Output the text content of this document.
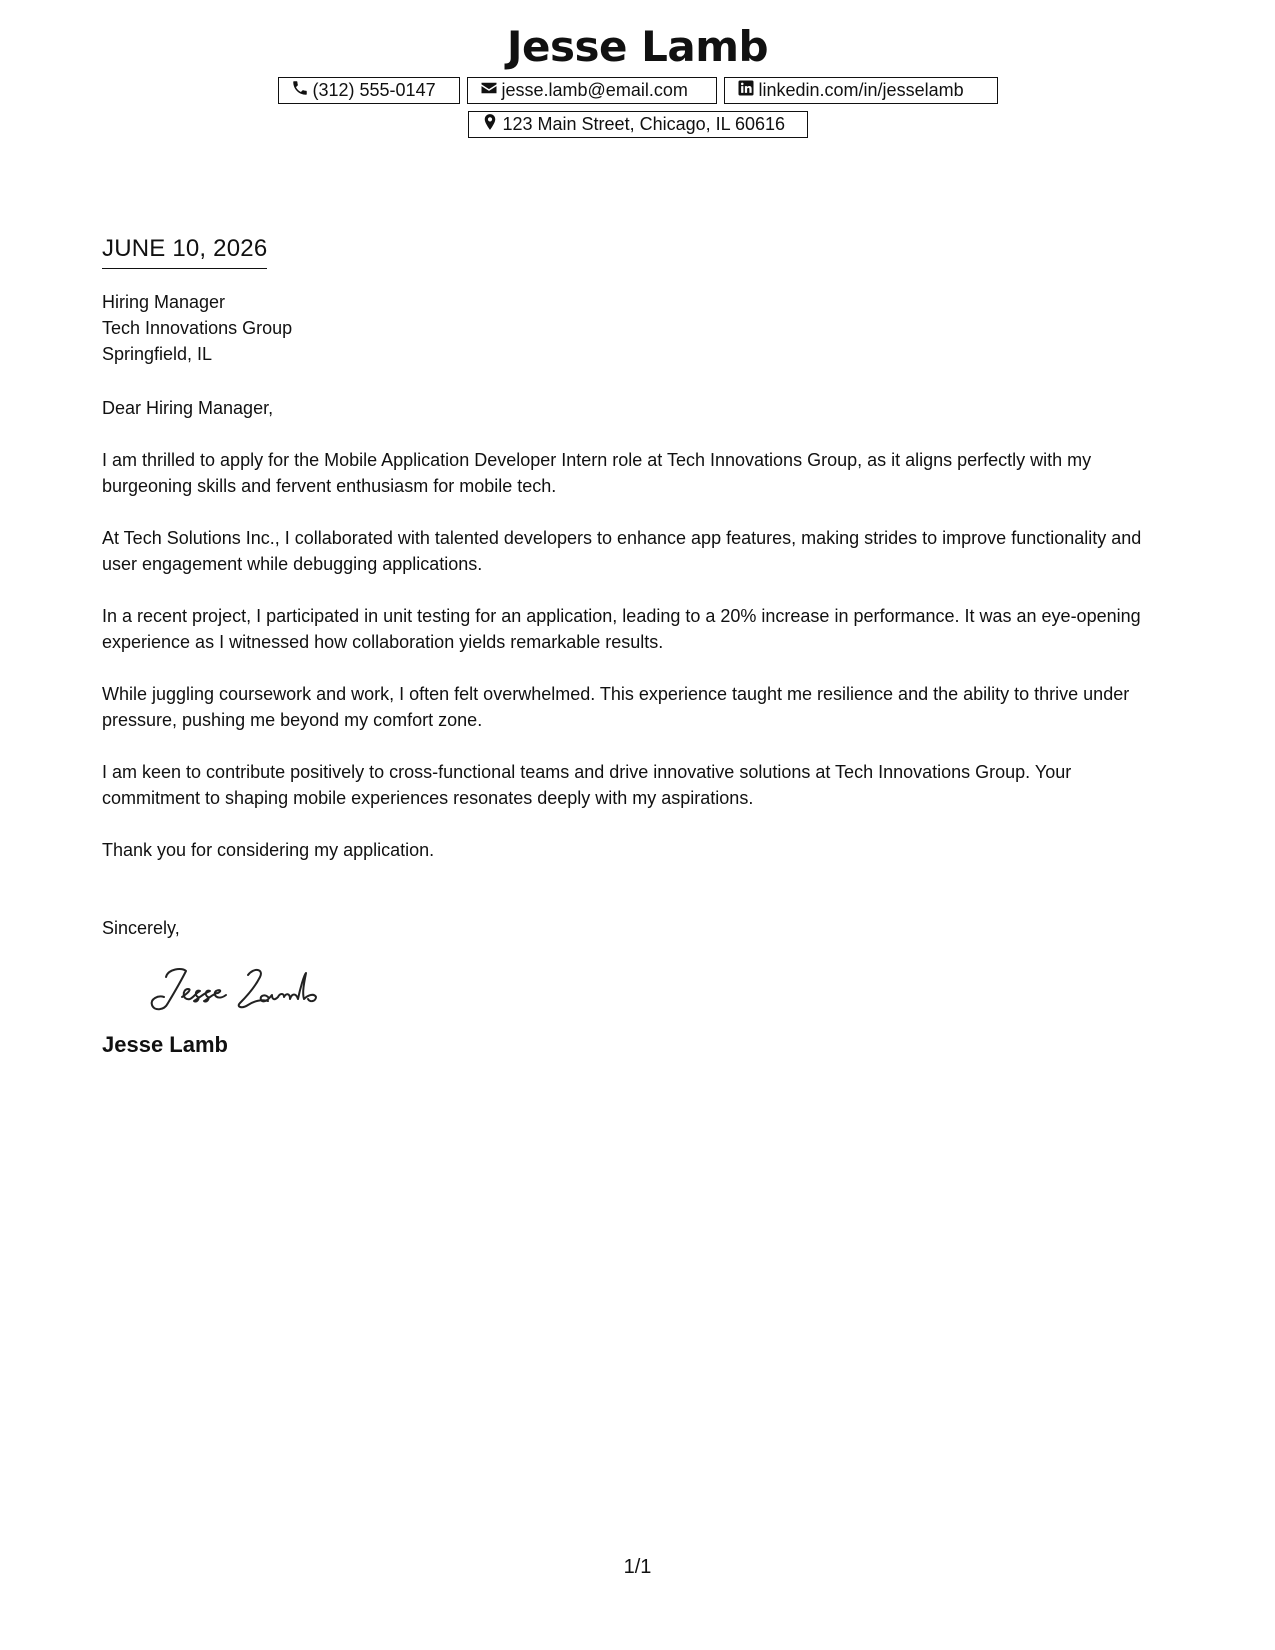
Jesse Lamb
(312) 555-0147	jesse.lamb@email.com	linkedin.com/in/jesselamb
123 Main Street, Chicago, IL 60616
JUNE 10, 2026
Hiring Manager
Tech Innovations Group
Springfield, IL
Dear Hiring Manager,

I am thrilled to apply for the Mobile Application Developer Intern role at Tech Innovations Group, as it aligns perfectly with my burgeoning skills and fervent enthusiasm for mobile tech.

At Tech Solutions Inc., I collaborated with talented developers to enhance app features, making strides to improve functionality and user engagement while debugging applications.

In a recent project, I participated in unit testing for an application, leading to a 20% increase in performance. It was an eye-opening experience as I witnessed how collaboration yields remarkable results.

While juggling coursework and work, I often felt overwhelmed. This experience taught me resilience and the ability to thrive under pressure, pushing me beyond my comfort zone.

I am keen to contribute positively to cross-functional teams and drive innovative solutions at Tech Innovations Group. Your commitment to shaping mobile experiences resonates deeply with my aspirations.

Thank you for considering my application.

Sincerely,
Jesse Lamb
1/1
